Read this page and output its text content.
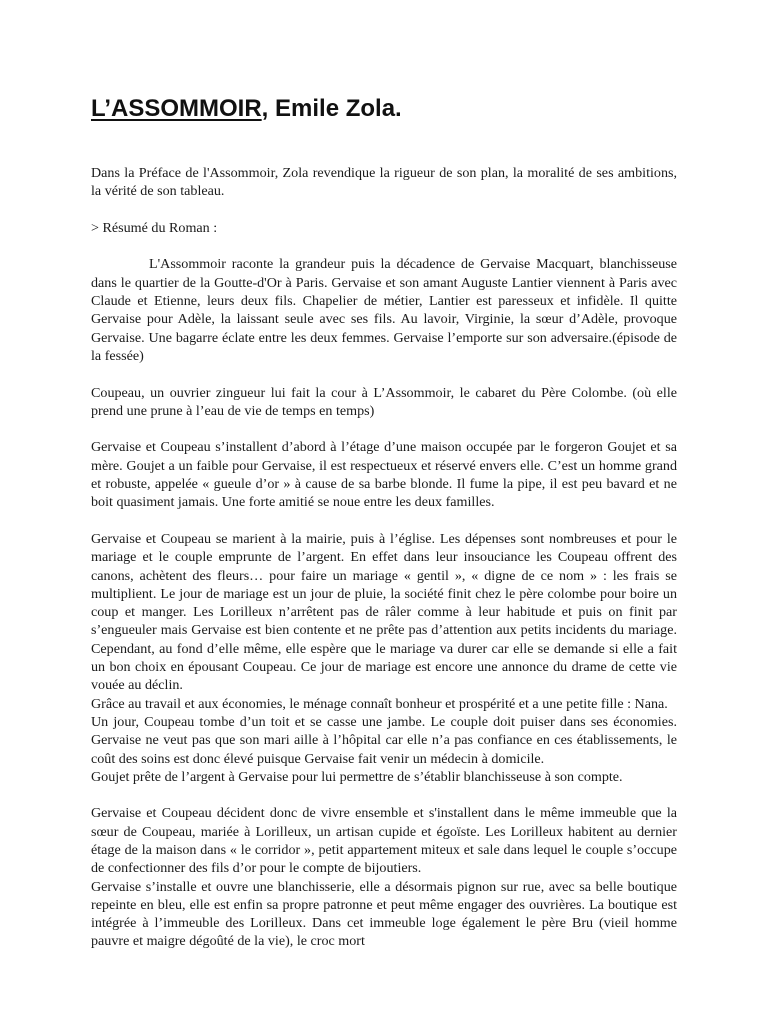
L’ASSOMMOIR, Emile Zola.

Dans la Préface de l'Assommoir, Zola revendique la rigueur de son plan, la moralité de ses ambitions, la vérité de son tableau.

> Résumé du Roman :

L'Assommoir raconte la grandeur puis la décadence de Gervaise Macquart, blanchisseuse dans le quartier de la Goutte-d'Or à Paris. Gervaise et son amant Auguste Lantier viennent à Paris avec Claude et Etienne, leurs deux fils. Chapelier de métier, Lantier est paresseux et infidèle. Il quitte Gervaise pour Adèle, la laissant seule avec ses fils. Au lavoir, Virginie, la sœur d’Adèle, provoque Gervaise. Une bagarre éclate entre les deux femmes. Gervaise l’emporte sur son adversaire.(épisode de la fessée)

Coupeau, un ouvrier zingueur lui fait la cour à L’Assommoir, le cabaret du Père Colombe. (où elle prend une prune à l’eau de vie de temps en temps)

Gervaise et Coupeau s’installent d’abord à l’étage d’une maison occupée par le forgeron Goujet et sa mère. Goujet a un faible pour Gervaise, il est respectueux et réservé envers elle. C’est un homme grand et robuste, appelée « gueule d’or » à cause de sa barbe blonde. Il fume la pipe, il est peu bavard et ne boit quasiment jamais. Une forte amitié se noue entre les deux familles.

Gervaise et Coupeau se marient à la mairie, puis à l’église. Les dépenses sont nombreuses et pour le mariage et le couple emprunte de l’argent. En effet dans leur insouciance les Coupeau offrent des canons, achètent des fleurs… pour faire un mariage « gentil », « digne de ce nom » : les frais se multiplient. Le jour de mariage est un jour de pluie, la société finit chez le père colombe pour boire un coup et manger. Les Lorilleux n’arrêtent pas de râler comme à leur habitude et puis on finit par s’engueuler mais Gervaise est bien contente et ne prête pas d’attention aux petits incidents du mariage. Cependant, au fond d’elle même, elle espère que le mariage va durer car elle se demande si elle a fait un bon choix en épousant Coupeau. Ce jour de mariage est encore une annonce du drame de cette vie vouée au déclin.

Grâce au travail et aux économies, le ménage connaît bonheur et prospérité et a une petite fille : Nana.

Un jour, Coupeau tombe d’un toit et se casse une jambe. Le couple doit puiser dans ses économies. Gervaise ne veut pas que son mari aille à l’hôpital car elle n’a pas confiance en ces établissements, le coût des soins est donc élevé puisque Gervaise fait venir un médecin à domicile.

Goujet prête de l’argent à Gervaise pour lui permettre de s’établir blanchisseuse à son compte.

Gervaise et Coupeau décident donc de vivre ensemble et s'installent dans le même immeuble que la sœur de Coupeau, mariée à Lorilleux, un artisan cupide et égoïste. Les Lorilleux habitent au dernier étage de la maison dans « le corridor », petit appartement miteux et sale dans lequel le couple s’occupe de confectionner des fils d’or pour le compte de bijoutiers.

Gervaise s’installe et ouvre une blanchisserie, elle a désormais pignon sur rue, avec sa belle boutique repeinte en bleu, elle est enfin sa propre patronne et peut même engager des ouvrières. La boutique est intégrée à l’immeuble des Lorilleux. Dans cet immeuble loge également le père Bru (vieil homme pauvre et maigre dégoûté de la vie), le croc mort
